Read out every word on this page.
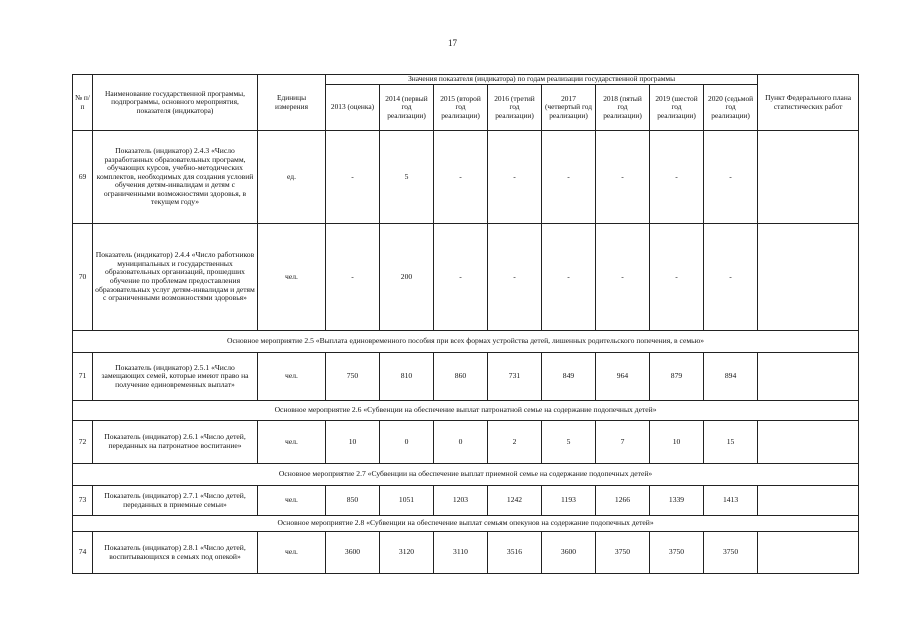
17
№ п/п	Наименование государственной программы, подпрограммы, основного мероприятия, показателя (индикатора)	Единицы измерения	Значения показателя (индикатора) по годам реализации государственной программы								Пункт Федерального плана статистических работ
			2013 (оценка)	2014 (первый год реализации)	2015 (второй год реализации)	2016 (третий год реализации)	2017 (четвертый год реализации)	2018 (пятый год реализации)	2019 (шестой год реализации)	2020 (седьмой год реализации)	
69	Показатель (индикатор) 2.4.3 «Число разработанных образовательных программ, обучающих курсов, учебно-методических комплектов, необходимых для создания условий обучения детям-инвалидам и детям с ограниченными возможностями здоровья, в текущем году»	ед.	-	5	-	-	-	-	-	-	
70	Показатель (индикатор) 2.4.4 «Число работников муниципальных и государственных образовательных организаций, прошедших обучение по проблемам предоставления образовательных услуг детям-инвалидам и детям с ограниченными возможностями здоровья»	чел.	-	200	-	-	-	-	-	-	
Основное мероприятие 2.5 «Выплата единовременного пособия при всех формах устройства детей, лишенных родительского попечения, в семью»											
71	Показатель (индикатор) 2.5.1 «Число замещающих семей, которые имеют право на получение единовременных выплат»	чел.	750	810	860	731	849	964	879	894	
Основное мероприятие 2.6 «Субвенции на обеспечение выплат патронатной семье на содержание подопечных детей»											
72	Показатель (индикатор) 2.6.1 «Число детей, переданных на патронатное воспитание»	чел.	10	0	0	2	5	7	10	15	
Основное мероприятие 2.7 «Субвенции на обеспечение выплат приемной семье на содержание подопечных детей»											
73	Показатель (индикатор) 2.7.1 «Число детей, переданных в приемные семьи»	чел.	850	1051	1203	1242	1193	1266	1339	1413	
Основное мероприятие 2.8 «Субвенции на обеспечение выплат семьям опекунов на содержание подопечных детей»											
74	Показатель (индикатор) 2.8.1 «Число детей, воспитывающихся в семьях под опекой»	чел.	3600	3120	3110	3516	3600	3750	3750	3750	
